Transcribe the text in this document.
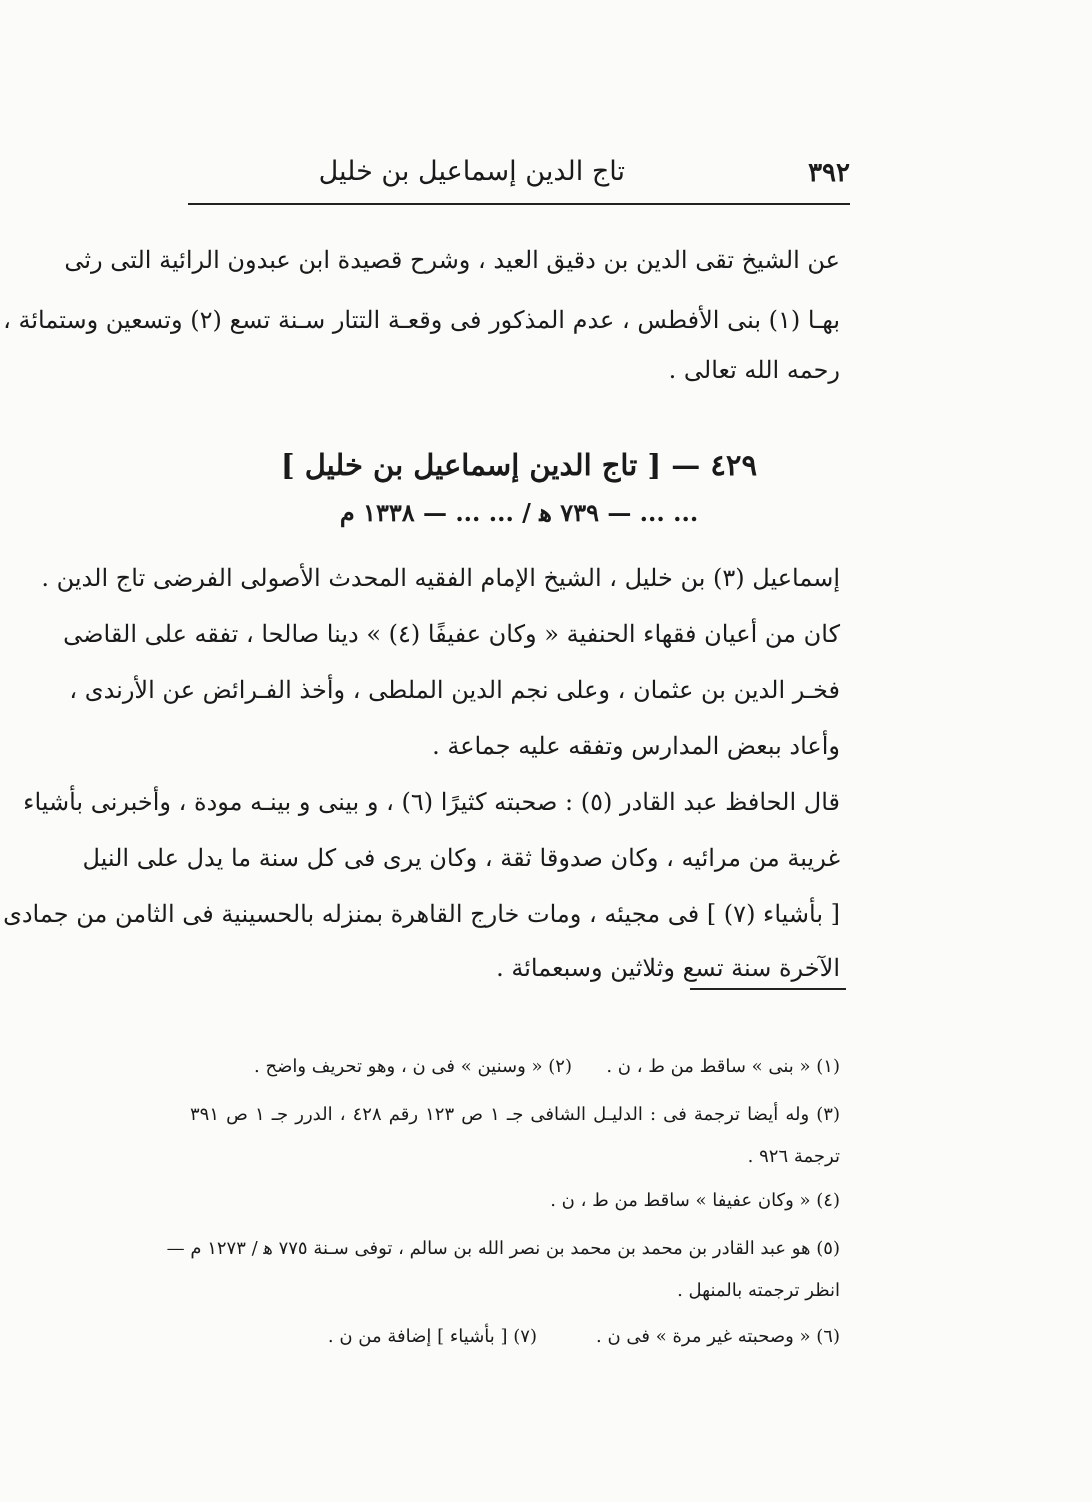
٣٩٢
تاج الدين إسماعيل بن خليل
عن الشيخ تقى الدين بن دقيق العيد ، وشرح قصيدة ابن عبدون الرائية التى رثى
بهـا (١) بنى الأفطس ، عدم المذكور فى وقعـة التتار سـنة تسع (٢) وتسعين وستمائة ،
رحمه الله تعالى .
٤٢٩ — [ تاج الدين إسماعيل بن خليل ]
... ... — ٧٣٩ ﻫ / ... ... — ١٣٣٨ م
إسماعيل (٣) بن خليل ، الشيخ الإمام الفقيه المحدث الأصولى الفرضى تاج الدين .
كان من أعيان فقهاء الحنفية « وكان عفيفًا (٤) » دينا صالحا ، تفقه على القاضى
فخـر الدين بن عثمان ، وعلى نجم الدين الملطى ، وأخذ الفـرائض عن الأرندى ،
وأعاد ببعض المدارس وتفقه عليه جماعة .
قال الحافظ عبد القادر (٥) : صحبته كثيرًا (٦) ، و بينى و بينـه مودة ، وأخبرنى بأشياء
غريبة من مرائيه ، وكان صدوقا ثقة ، وكان يرى فى كل سنة ما يدل على النيل
[ بأشياء (٧) ] فى مجيئه ، ومات خارج القاهرة بمنزله بالحسينية فى الثامن من جمادى
الآخرة سنة تسع وثلاثين وسبعمائة .
(١) « بنى » ساقط من ط ، ن .
(٢) « وسنين » فى ن ، وهو تحريف واضح .
(٣) وله أيضا ترجمة فى : الدليـل الشافى جـ ١ ص ١٢٣ رقم ٤٢٨ ، الدرر جـ ١ ص ٣٩١
ترجمة ٩٢٦ .
(٤) « وكان عفيفا » ساقط من ط ، ن .
(٥) هو عبد القادر بن محمد بن محمد بن نصر الله بن سالم ، توفى سـنة ٧٧٥ ﻫ / ١٢٧٣ م —
انظر ترجمته بالمنهل .
(٦) « وصحبته غير مرة » فى ن .
(٧) [ بأشياء ] إضافة من ن .
